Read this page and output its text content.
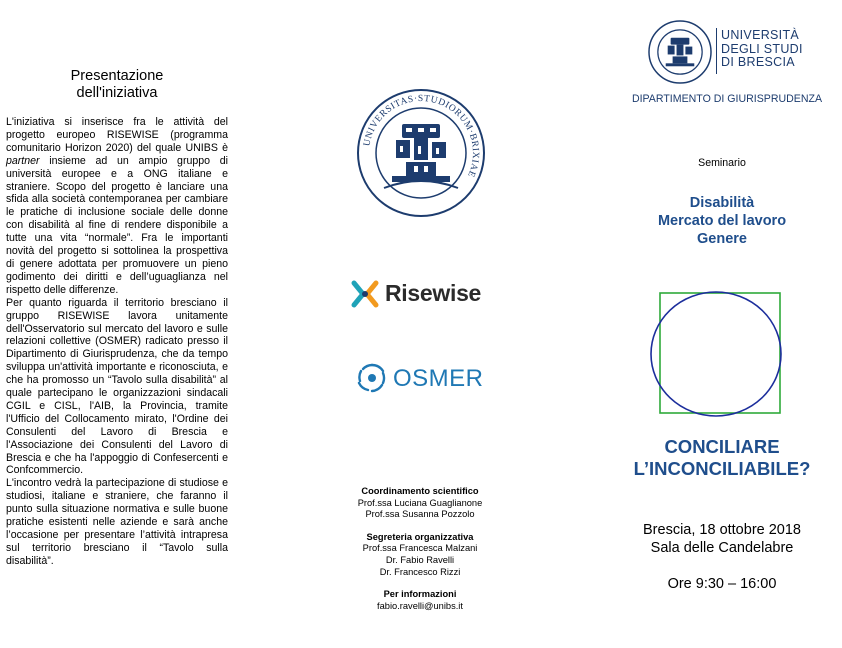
Presentazione
dell'iniziativa

L'iniziativa si inserisce fra le attività del progetto europeo RISEWISE (programma comunitario Horizon 2020) del quale UNIBS è partner insieme ad un ampio gruppo di università europee e a ONG italiane e straniere. Scopo del progetto è lanciare una sfida alla società contemporanea per cambiare le pratiche di inclusione sociale delle donne con disabilità al fine di rendere disponibile a tutte una vita “normale”. Fra le importanti novità del progetto si sottolinea la prospettiva di genere adottata per promuovere un pieno godimento dei diritti e dell’uguaglianza nel rispetto delle differenze.

Per quanto riguarda il territorio bresciano il gruppo RISEWISE lavora unitamente dell'Osservatorio sul mercato del lavoro e sulle relazioni collettive (OSMER) radicato presso il Dipartimento di Giurisprudenza, che da tempo sviluppa un'attività importante e riconosciuta, e che ha promosso un “Tavolo sulla disabilità” al quale partecipano le organizzazioni sindacali CGIL e CISL, l'AIB, la Provincia, tramite l'Ufficio del Collocamento mirato, l'Ordine dei Consulenti del Lavoro di Brescia e l'Associazione dei Consulenti del Lavoro di Brescia e che ha l'appoggio di Confesercenti e Confcommercio.

L'incontro vedrà la partecipazione di studiose e studiosi, italiane e straniere, che faranno il punto sulla situazione normativa e sulle buone pratiche esistenti nelle aziende e sarà anche l’occasione per presentare l’attività intrapresa sul territorio bresciano il “Tavolo sulla disabilità”.

UNIVERSITAS·STUDIORUM·BRIXIAE
Risewise
OSMER
Coordinamento scientifico
Prof.ssa Luciana Guaglianone
Prof.ssa Susanna Pozzolo
Segreteria organizzativa
Prof.ssa Francesca Malzani
Dr. Fabio Ravelli
Dr. Francesco Rizzi
Per informazioni
fabio.ravelli@unibs.it
UNIVERSITÀ
DEGLI STUDI
DI BRESCIA
DIPARTIMENTO DI GIURISPRUDENZA
Seminario
Disabilità
Mercato del lavoro
Genere
CONCILIARE
L’INCONCILIABILE?
Brescia, 18 ottobre 2018
Sala delle Candelabre
Ore 9:30 – 16:00
